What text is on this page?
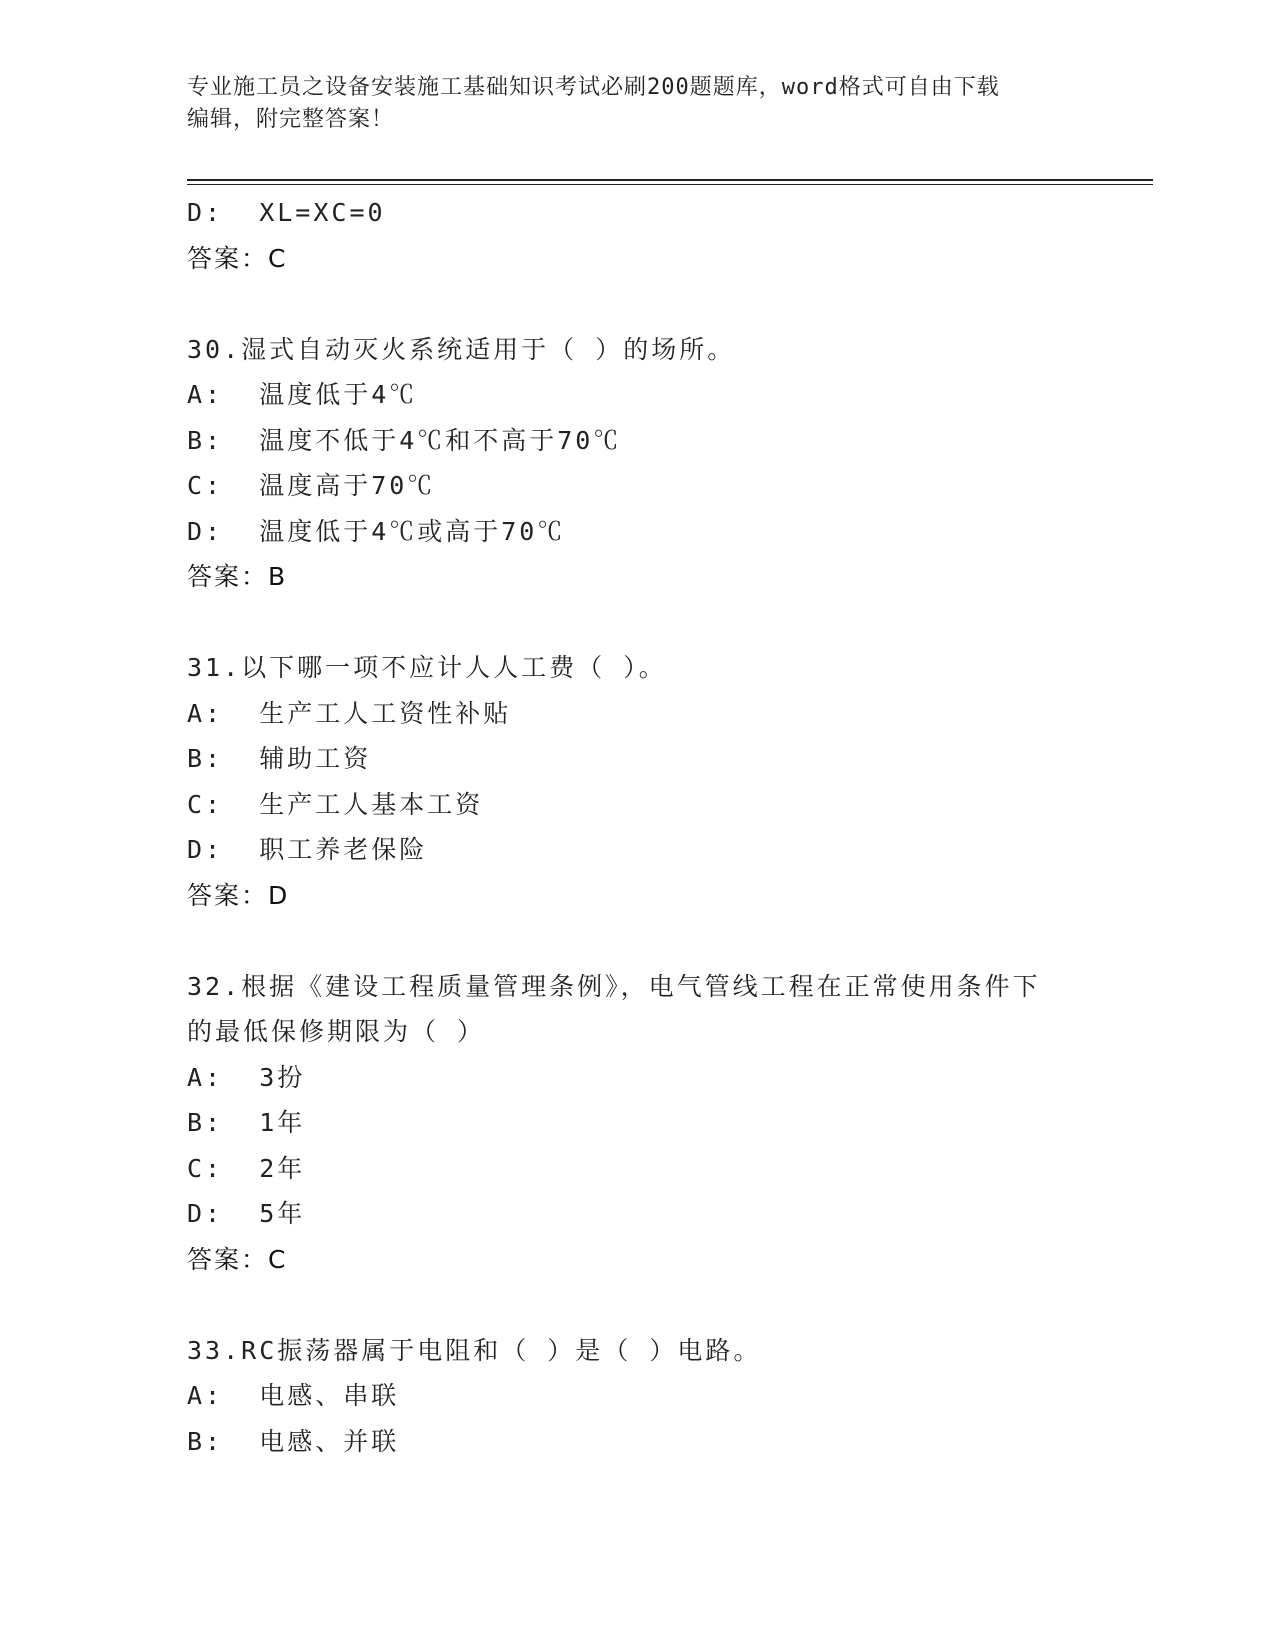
专业施工员之设备安装施工基础知识考试必刷200题题库，word格式可自由下载
编辑，附完整答案！
D:  XL=XC=0
答案：C
30.湿式自动灭火系统适用于（ ）的场所。
A:  温度低于4℃
B:  温度不低于4℃和不高于70℃
C:  温度高于70℃
D:  温度低于4℃或高于70℃
答案：B
31.以下哪一项不应计人人工费（ ）。
A:  生产工人工资性补贴
B:  辅助工资
C:  生产工人基本工资
D:  职工养老保险
答案：D
32.根据《建设工程质量管理条例》，电气管线工程在正常使用条件下
的最低保修期限为（ ）
A:  3扮
B:  1年
C:  2年
D:  5年
答案：C
33.RC振荡器属于电阻和（ ）是（ ）电路。
A:  电感、串联
B:  电感、并联
